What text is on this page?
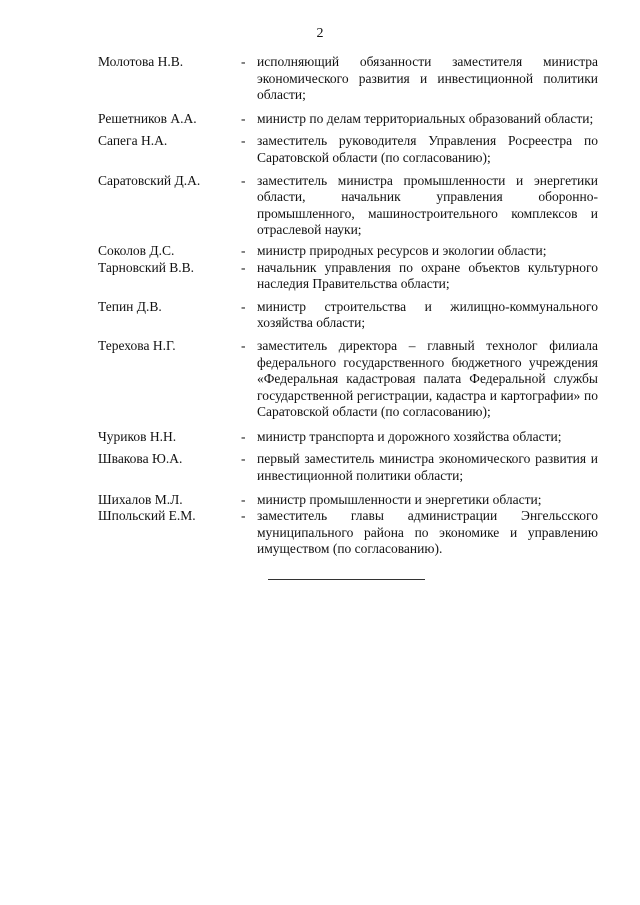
2
Молотова Н.В.	- исполняющий обязанности заместителя министра экономического развития и инвестиционной политики области;
Решетников А.А.	- министр по делам территориальных образований области;
Сапега Н.А.	- заместитель руководителя Управления Росреестра по Саратовской области (по согласованию);
Саратовский Д.А.	- заместитель министра промышленности и энергетики области, начальник управления оборонно-промышленного, машиностроительного комплексов и отраслевой науки;
Соколов Д.С.	- министр природных ресурсов и экологии области;
Тарновский В.В.	- начальник управления по охране объектов культурного наследия Правительства области;
Тепин Д.В.	- министр строительства и жилищно-коммунального хозяйства области;
Терехова Н.Г.	- заместитель директора – главный технолог филиала федерального государственного бюджетного учреждения «Федеральная кадастровая палата Федеральной службы государственной регистрации, кадастра и картографии» по Саратовской области (по согласованию);
Чуриков Н.Н.	- министр транспорта и дорожного хозяйства области;
Швакова Ю.А.	- первый заместитель министра экономического развития и инвестиционной политики области;
Шихалов М.Л.	- министр промышленности и энергетики области;
Шпольский Е.М.	- заместитель главы администрации Энгельсского муниципального района по экономике и управлению имуществом (по согласованию).
